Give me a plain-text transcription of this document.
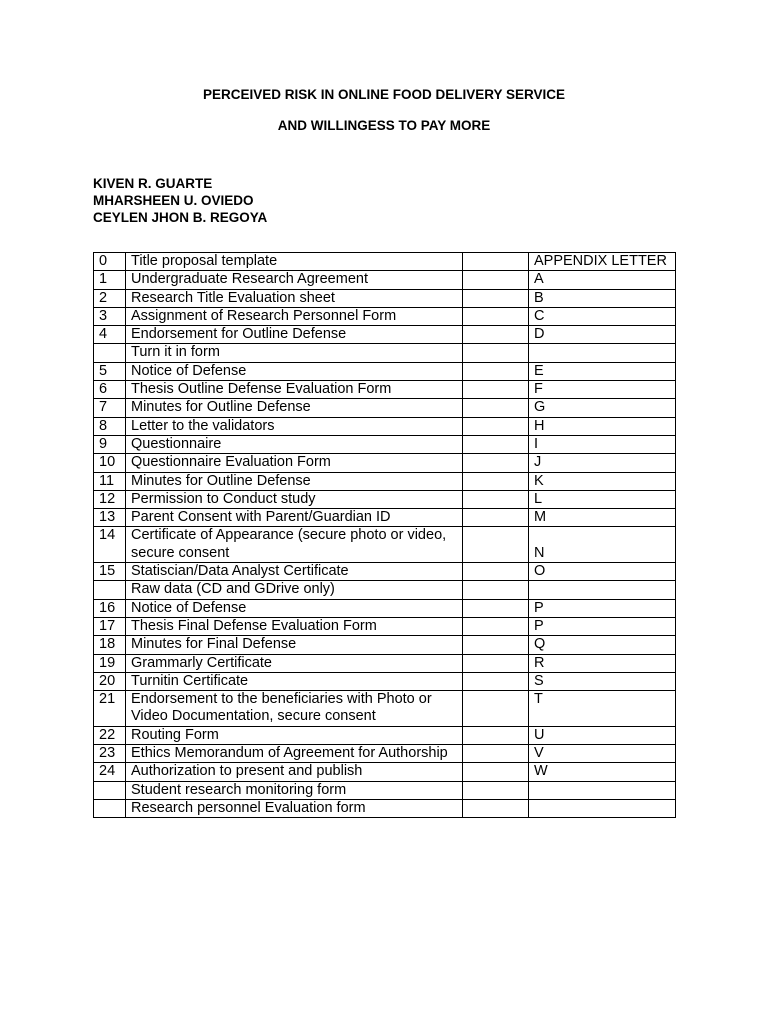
PERCEIVED RISK IN ONLINE FOOD DELIVERY SERVICE
AND WILLINGESS TO PAY MORE
KIVEN R. GUARTE
MHARSHEEN U. OVIEDO
CEYLEN JHON B. REGOYA
0	Title proposal template		APPENDIX LETTER
1	Undergraduate Research Agreement		A
2	Research Title Evaluation sheet		B
3	Assignment of Research Personnel Form		C
4	Endorsement for Outline Defense		D
	Turn it in form		
5	Notice of Defense		E
6	Thesis Outline Defense Evaluation Form		F
7	Minutes for Outline Defense		G
8	Letter to the validators		H
9	Questionnaire		I
10	Questionnaire Evaluation Form		J
11	Minutes for Outline Defense		K
12	Permission to Conduct study		L
13	Parent Consent with Parent/Guardian ID		M
14	Certificate of Appearance (secure photo or video, secure consent		N
15	Statiscian/Data Analyst Certificate		O
	Raw data (CD and GDrive only)		
16	Notice of Defense		P
17	Thesis Final Defense Evaluation Form		P
18	Minutes for Final Defense		Q
19	Grammarly Certificate		R
20	Turnitin Certificate		S
21	Endorsement to the beneficiaries with Photo or Video Documentation, secure consent		T
22	Routing Form		U
23	Ethics Memorandum of Agreement for Authorship		V
24	Authorization to present and publish		W
	Student research monitoring form		
	Research personnel Evaluation form		
